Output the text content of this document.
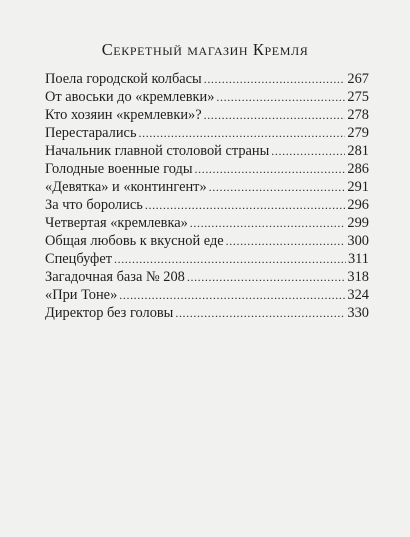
Секретный магазин Кремля
Поела городской колбасы . . .	267
От авоськи до «кремлевки» . . .	275
Кто хозяин «кремлевки»? . . .	278
Перестарались . . .	279
Начальник главной столовой страны . . .	281
Голодные военные годы . . .	286
«Девятка» и «контингент» . . .	291
За что боролись . . .	296
Четвертая «кремлевка» . . .	299
Общая любовь к вкусной еде . . .	300
Спецбуфет . . .	311
Загадочная база № 208 . . .	318
«При Тоне» . . .	324
Директор без головы . . .	330
